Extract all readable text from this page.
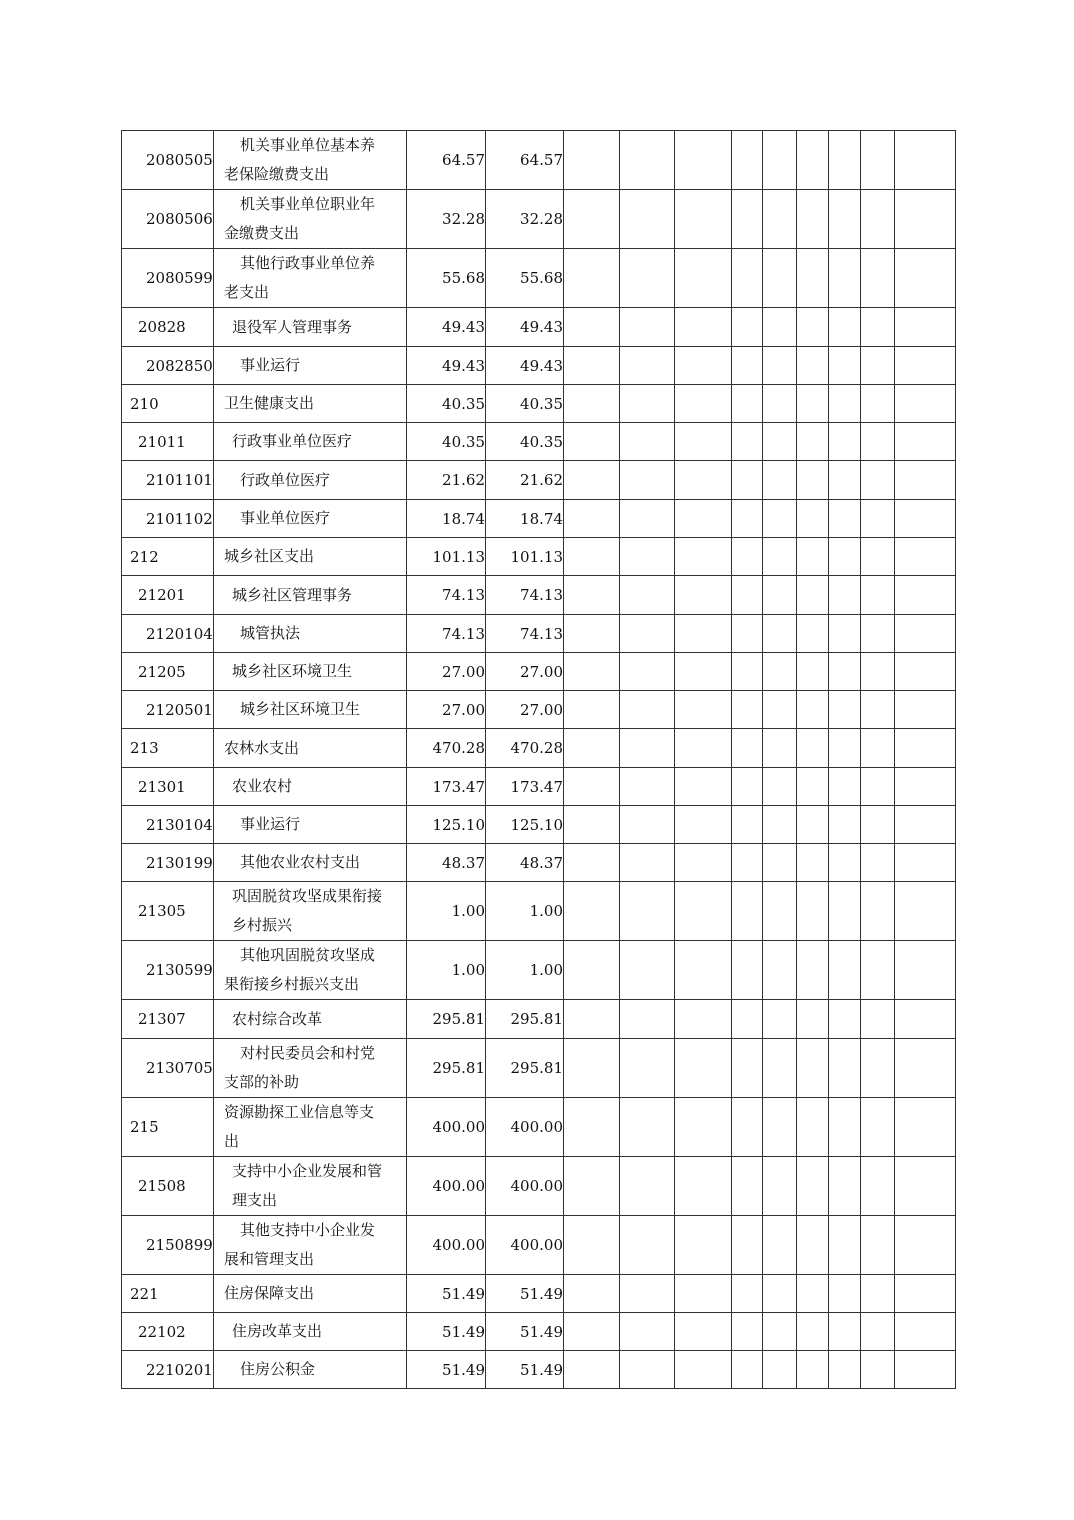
2080505	机关事业单位基本养
老保险缴费支出	64.57	64.57									
2080506	机关事业单位职业年
金缴费支出	32.28	32.28									
2080599	其他行政事业单位养
老支出	55.68	55.68									
20828	退役军人管理事务	49.43	49.43									
2082850	事业运行	49.43	49.43									
210	卫生健康支出	40.35	40.35									
21011	行政事业单位医疗	40.35	40.35									
2101101	行政单位医疗	21.62	21.62									
2101102	事业单位医疗	18.74	18.74									
212	城乡社区支出	101.13	101.13									
21201	城乡社区管理事务	74.13	74.13									
2120104	城管执法	74.13	74.13									
21205	城乡社区环境卫生	27.00	27.00									
2120501	城乡社区环境卫生	27.00	27.00									
213	农林水支出	470.28	470.28									
21301	农业农村	173.47	173.47									
2130104	事业运行	125.10	125.10									
2130199	其他农业农村支出	48.37	48.37									
21305	巩固脱贫攻坚成果衔接
乡村振兴	1.00	1.00									
2130599	其他巩固脱贫攻坚成
果衔接乡村振兴支出	1.00	1.00									
21307	农村综合改革	295.81	295.81									
2130705	对村民委员会和村党
支部的补助	295.81	295.81									
215	资源勘探工业信息等支
出	400.00	400.00									
21508	支持中小企业发展和管
理支出	400.00	400.00									
2150899	其他支持中小企业发
展和管理支出	400.00	400.00									
221	住房保障支出	51.49	51.49									
22102	住房改革支出	51.49	51.49									
2210201	住房公积金	51.49	51.49									
